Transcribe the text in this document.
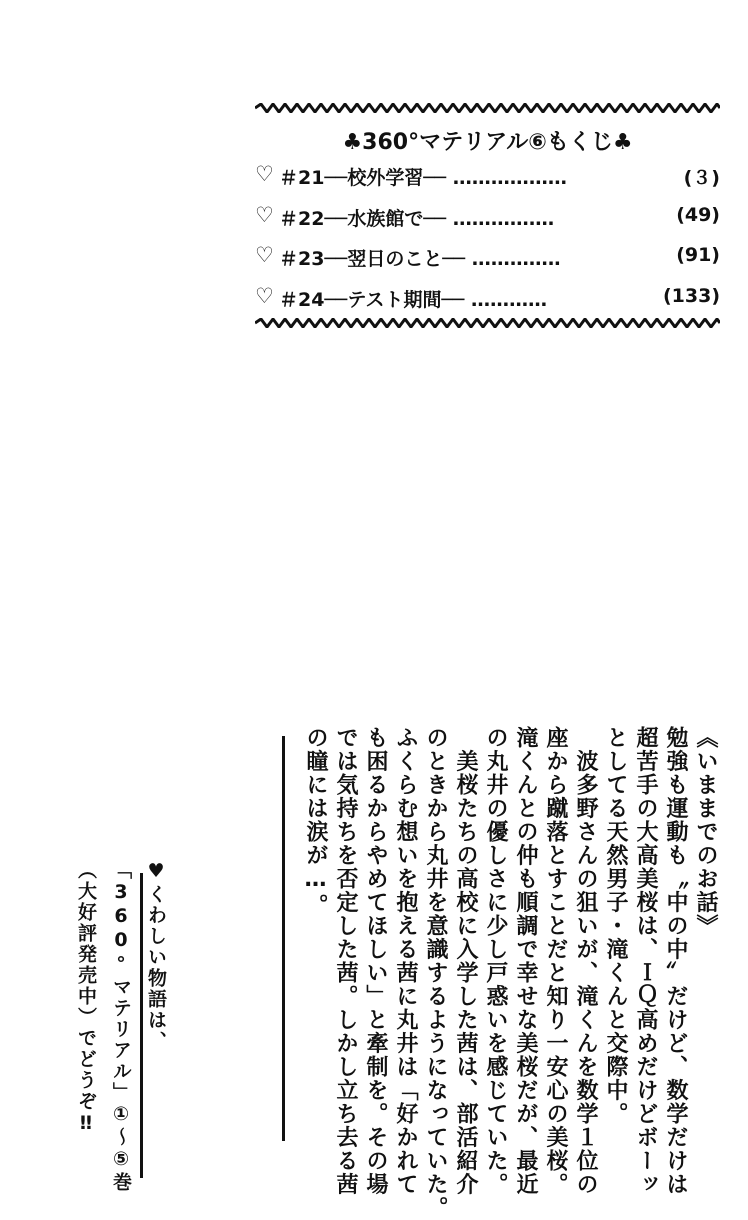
♣360°マテリアル⑥もくじ♣
♡ ＃21──校外学習── ‥‥‥‥‥‥‥‥‥	(３)
♡ ＃22──水族館で── ‥‥‥‥‥‥‥‥	(49)
♡ ＃23──翌日のこと── ‥‥‥‥‥‥‥	(91)
♡ ＃24──テスト期間── ‥‥‥‥‥‥	(133)
《いままでのお話》
勉強も運動も〝中の中〟だけど、数学だけは
超苦手の大高美桜は、ＩＱ高めだけどボーッ
としてる天然男子・滝くんと交際中。
　波多野さんの狙いが、滝くんを数学１位の
座から蹴落とすことだと知り一安心の美桜。
滝くんとの仲も順調で幸せな美桜だが、最近
の丸井の優しさに少し戸惑いを感じていた。
　美桜たちの高校に入学した茜は、部活紹介
のときから丸井を意識するようになっていた。
ふくらむ想いを抱える茜に丸井は「好かれて
も困るからやめてほしい」と牽制を。その場
では気持ちを否定した茜。しかし立ち去る茜
の瞳には涙が…。
♥くわしい物語は、
「360°マテリアル」①〜⑤巻
（大好評発売中）でどうぞ‼
